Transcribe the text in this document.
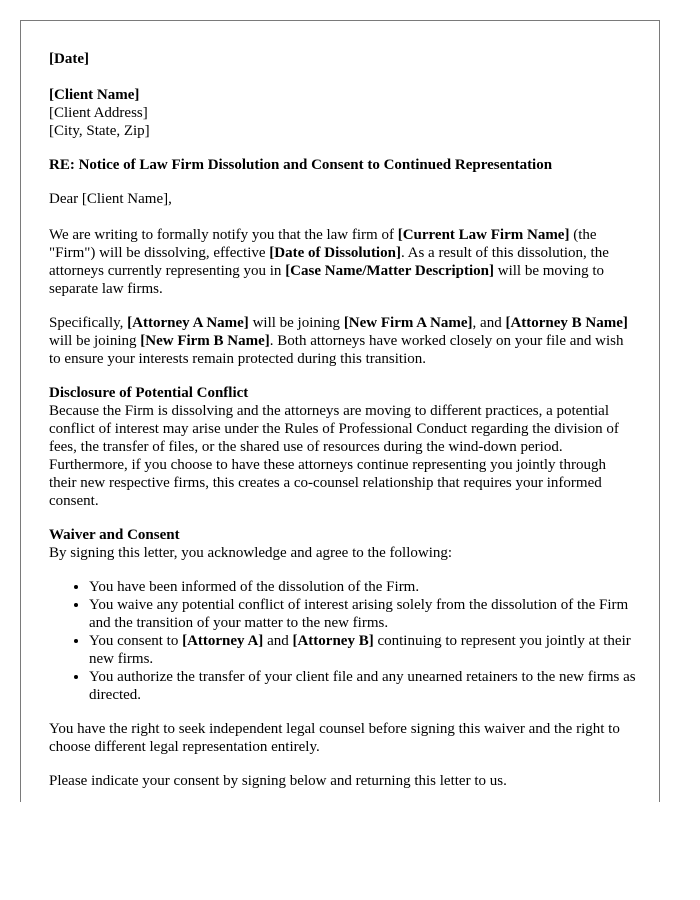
[Date]

[Client Name]
[Client Address]
[City, State, Zip]

RE: Notice of Law Firm Dissolution and Consent to Continued Representation

Dear [Client Name],

We are writing to formally notify you that the law firm of [Current Law Firm Name] (the "Firm") will be dissolving, effective [Date of Dissolution]. As a result of this dissolution, the attorneys currently representing you in [Case Name/Matter Description] will be moving to separate law firms.

Specifically, [Attorney A Name] will be joining [New Firm A Name], and [Attorney B Name] will be joining [New Firm B Name]. Both attorneys have worked closely on your file and wish to ensure your interests remain protected during this transition.

Disclosure of Potential Conflict
Because the Firm is dissolving and the attorneys are moving to different practices, a potential conflict of interest may arise under the Rules of Professional Conduct regarding the division of fees, the transfer of files, or the shared use of resources during the wind-down period. Furthermore, if you choose to have these attorneys continue representing you jointly through their new respective firms, this creates a co-counsel relationship that requires your informed consent.
Waiver and Consent
By signing this letter, you acknowledge and agree to the following:
• You have been informed of the dissolution of the Firm.
• You waive any potential conflict of interest arising solely from the dissolution of the Firm and the transition of your matter to the new firms.
• You consent to [Attorney A] and [Attorney B] continuing to represent you jointly at their new firms.
• You authorize the transfer of your client file and any unearned retainers to the new firms as directed.

You have the right to seek independent legal counsel before signing this waiver and the right to choose different legal representation entirely.

Please indicate your consent by signing below and returning this letter to us.
